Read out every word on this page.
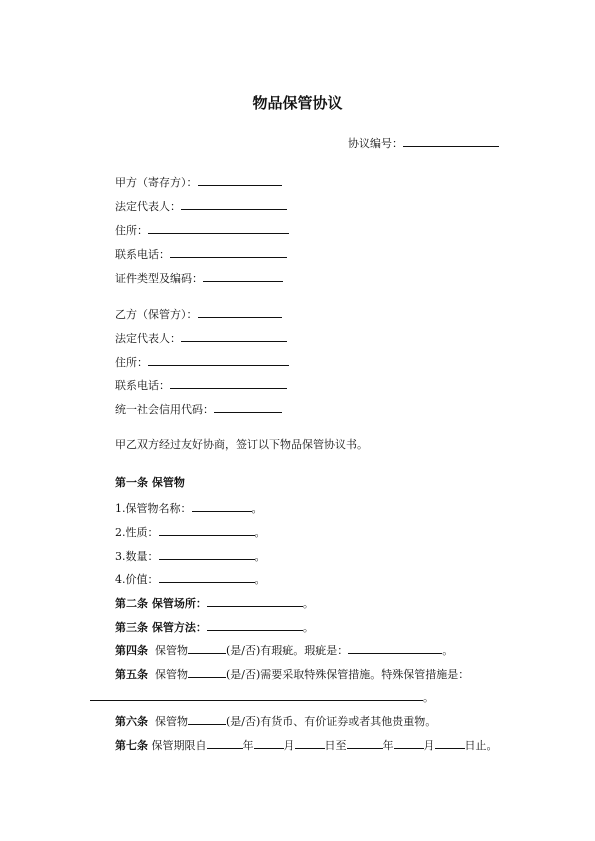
物品保管协议
协议编号：
甲方（寄存方）：
法定代表人：
住所：
联系电话：
证件类型及编码：
乙方（保管方）：
法定代表人：
住所：
联系电话：
统一社会信用代码：
甲乙双方经过友好协商，签订以下物品保管协议书。
第一条 保管物
1.保管物名称：	。
2.性质：	。
3.数量：	。
4.价值：	。
第二条 保管场所：	。
第三条 保管方法：	。
第四条 保管物	(是/否)有瑕疵。瑕疵是：	。
第五条 保管物	(是/否)需要采取特殊保管措施。特殊保管措施是：
。
第六条 保管物	(是/否)有货币、有价证券或者其他贵重物。
第七条 保管期限自	年	月	日至	年	月	日止。
